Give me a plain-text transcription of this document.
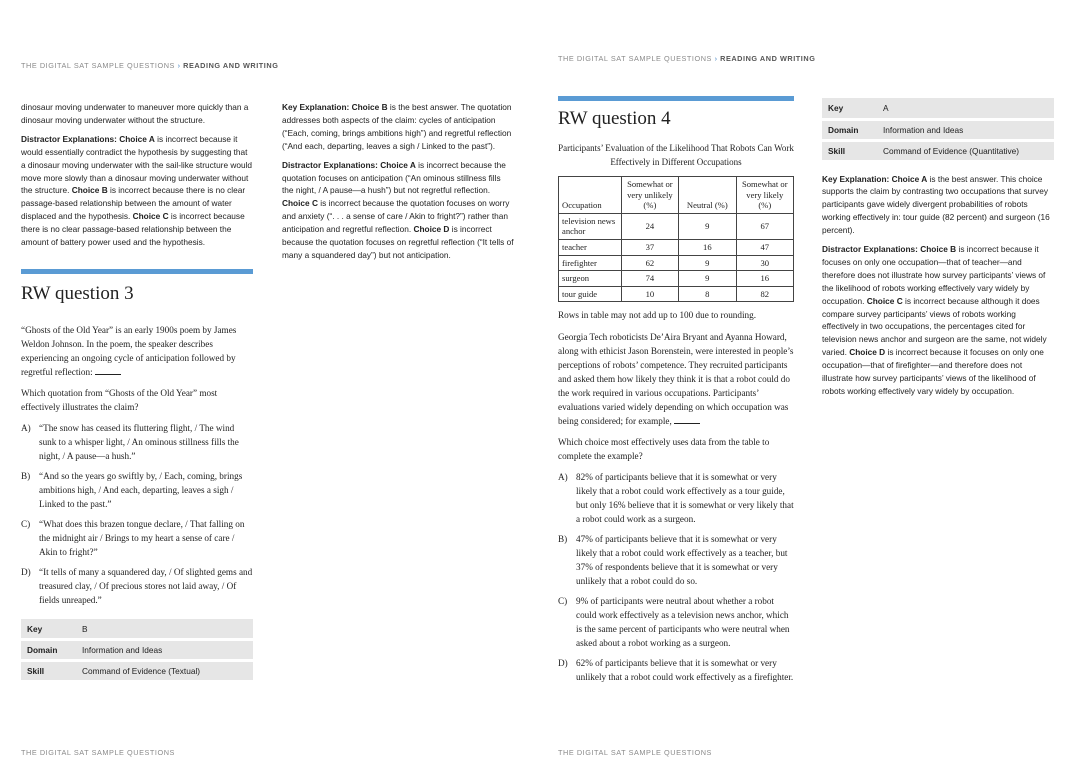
THE DIGITAL SAT SAMPLE QUESTIONS › READING AND WRITING

dinosaur moving underwater to maneuver more quickly than a dinosaur moving underwater without the structure.

Distractor Explanations: Choice A is incorrect because it would essentially contradict the hypothesis by suggesting that a dinosaur moving underwater with the sail-like structure would move more slowly than a dinosaur moving underwater without the structure. Choice B is incorrect because there is no clear passage-based relationship between the amount of water displaced and the hypothesis. Choice C is incorrect because there is no clear passage-based relationship between the amount of battery power used and the hypothesis.

RW question 3

“Ghosts of the Old Year” is an early 1900s poem by James Weldon Johnson. In the poem, the speaker describes experiencing an ongoing cycle of anticipation followed by regretful reflection:

Which quotation from “Ghosts of the Old Year” most effectively illustrates the claim?

A) “The snow has ceased its fluttering flight, / The wind sunk to a whisper light, / An ominous stillness fills the night, / A pause—a hush.”
B) “And so the years go swiftly by, / Each, coming, brings ambitions high, / And each, departing, leaves a sigh / Linked to the past.”
C) “What does this brazen tongue declare, / That falling on the midnight air / Brings to my heart a sense of care / Akin to fright?”
D) “It tells of many a squandered day, / Of slighted gems and treasured clay, / Of precious stores not laid away, / Of fields unreaped.”
Key	B
Domain	Information and Ideas
Skill	Command of Evidence (Textual)

Key Explanation: Choice B is the best answer. The quotation addresses both aspects of the claim: cycles of anticipation (“Each, coming, brings ambitions high”) and regretful reflection (“And each, departing, leaves a sigh / Linked to the past”).

Distractor Explanations: Choice A is incorrect because the quotation focuses on anticipation (“An ominous stillness fills the night, / A pause—a hush”) but not regretful reflection. Choice C is incorrect because the quotation focuses on worry and anxiety (“. . . a sense of care / Akin to fright?”) rather than anticipation and regretful reflection. Choice D is incorrect because the quotation focuses on regretful reflection (“It tells of many a squandered day”) but not anticipation.

THE DIGITAL SAT SAMPLE QUESTIONS
THE DIGITAL SAT SAMPLE QUESTIONS › READING AND WRITING
RW question 4
Participants’ Evaluation of the Likelihood That Robots Can Work Effectively in Different Occupations
Occupation	Somewhat or very unlikely (%)	Neutral (%)	Somewhat or very likely (%)
television news anchor	24	9	67
teacher	37	16	47
firefighter	62	9	30
surgeon	74	9	16
tour guide	10	8	82

Rows in table may not add up to 100 due to rounding.

Georgia Tech roboticists De’Aira Bryant and Ayanna Howard, along with ethicist Jason Borenstein, were interested in people’s perceptions of robots’ competence. They recruited participants and asked them how likely they think it is that a robot could do the work required in various occupations. Participants’ evaluations varied widely depending on which occupation was being considered; for example,

Which choice most effectively uses data from the table to complete the example?

A) 82% of participants believe that it is somewhat or very likely that a robot could work effectively as a tour guide, but only 16% believe that it is somewhat or very likely that a robot could work as a surgeon.
B) 47% of participants believe that it is somewhat or very likely that a robot could work effectively as a teacher, but 37% of respondents believe that it is somewhat or very unlikely that a robot could do so.
C) 9% of participants were neutral about whether a robot could work effectively as a television news anchor, which is the same percent of participants who were neutral when asked about a robot working as a surgeon.
D) 62% of participants believe that it is somewhat or very unlikely that a robot could work effectively as a firefighter.
Key	A
Domain	Information and Ideas
Skill	Command of Evidence (Quantitative)

Key Explanation: Choice A is the best answer. This choice supports the claim by contrasting two occupations that survey participants gave widely divergent probabilities of robots working effectively in: tour guide (82 percent) and surgeon (16 percent).

Distractor Explanations: Choice B is incorrect because it focuses on only one occupation—that of teacher—and therefore does not illustrate how survey participants’ views of the likelihood of robots working effectively vary widely by occupation. Choice C is incorrect because although it does compare survey participants’ views of robots working effectively in two occupations, the percentages cited for television news anchor and surgeon are the same, not widely varied. Choice D is incorrect because it focuses on only one occupation—that of firefighter—and therefore does not illustrate how survey participants’ views of the likelihood of robots working effectively vary widely by occupation.

THE DIGITAL SAT SAMPLE QUESTIONS
